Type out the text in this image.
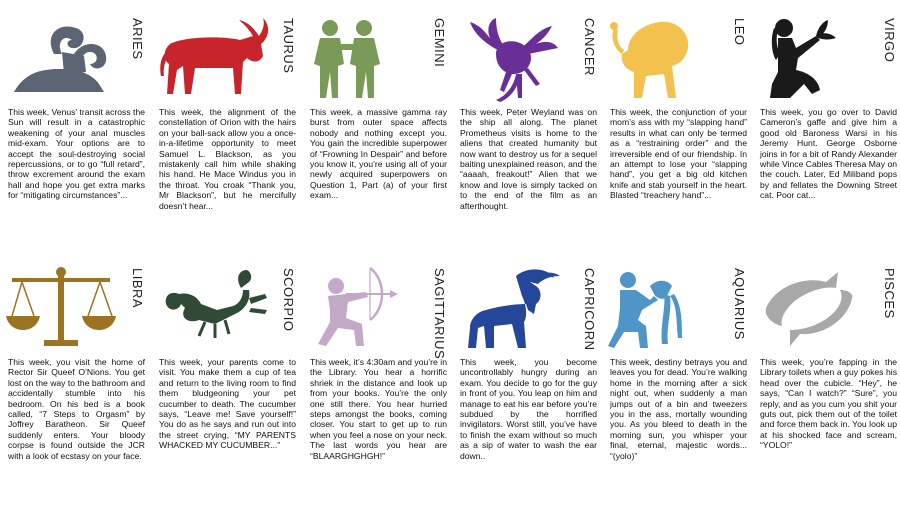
ARIES
This week, Venus’ transit across the Sun will result in a catastrophic weakening of your anal muscles mid-exam. Your options are to accept the soul-destroying social repercussions, or to go “full retard”, throw excrement around the exam hall and hope you get extra marks for “mitigating circumstances”...
TAURUS
This week, the alignment of the constellation of Orion with the hairs on your ball-sack allow you a once-in-a-lifetime opportunity to meet Samuel L. Blackson, as you mistakenly call him while shaking his hand. He Mace Windus you in the throat. You croak “Thank you, Mr Blackson”, but he mercifully doesn’t hear...
GEMINI
This week, a massive gamma ray burst from outer space affects nobody and nothing except you. You gain the incredible superpower of “Frowning In Despair” and before you know it, you’re using all of your newly acquired superpowers on Question 1, Part (a) of your first exam...
CANCER
This week, Peter Weyland was on the ship all along. The planet Prometheus visits is home to the aliens that created humanity but now want to destroy us for a sequel baiting unexplained reason, and the “aaaah, freakout!” Alien that we know and love is simply tacked on to the end of the film as an afterthought.
LEO
This week, the conjunction of your mom’s ass with my “slapping hand” results in what can only be termed as a “restraining order” and the irreversible end of our friendship. In an attempt to lose your “slapping hand”, you get a big old kitchen knife and stab yourself in the heart. Blasted “treachery hand”...
VIRGO
This week, you go over to David Cameron’s gaffe and give him a good old Baroness Warsi in his Jeremy Hunt. George Osborne joins in for a bit of Randy Alexander while Vince Cables Theresa May on the couch. Later, Ed Miliband pops by and fellates the Downing Street cat. Poor cat...
LIBRA
This week, you visit the home of Rector Sir Queef O’Nions. You get lost on the way to the bathroom and accidentally stumble into his bedroom. On his bed is a book called, “7 Steps to Orgasm” by Joffrey Baratheon. Sir Queef suddenly enters. Your bloody corpse is found outside the JCR with a look of ecstasy on your face.
SCORPIO
This week, your parents come to visit. You make them a cup of tea and return to the living room to find them bludgeoning your pet cucumber to death. The cucumber says, “Leave me! Save yourself!” You do as he says and run out into the street crying, “MY PARENTS WHACKED MY CUCUMBER...”
SAGITTARIUS
This week, it’s 4:30am and you’re in the Library. You hear a horrific shriek in the distance and look up from your books. You’re the only one still there. You hear hurried steps amongst the books, coming closer. You start to get up to run when you feel a nose on your neck. The last words you hear are “BLAARGHGHGH!”
CAPRICORN
This week, you become uncontrollably hungry during an exam. You decide to go for the guy in front of you. You leap on him and manage to eat his ear before you’re subdued by the horrified invigilators. Worst still, you’ve have to finish the exam without so much as a sip of water to wash the ear down..
AQUARIUS
This week, destiny betrays you and leaves you for dead. You’re walking home in the morning after a sick night out, when suddenly a man jumps out of a bin and tweezers you in the ass, mortally wounding you. As you bleed to death in the morning sun, you whisper your final, eternal, majestic words... “(yolo)”
PISCES
This week, you’re fapping in the Library toilets when a guy pokes his head over the cubicle. “Hey”, he says, “Can I watch?” “Sure”, you reply, and as you cum you shit your guts out, pick them out of the toilet and force them back in. You look up at his shocked face and scream, “YOLO!”
